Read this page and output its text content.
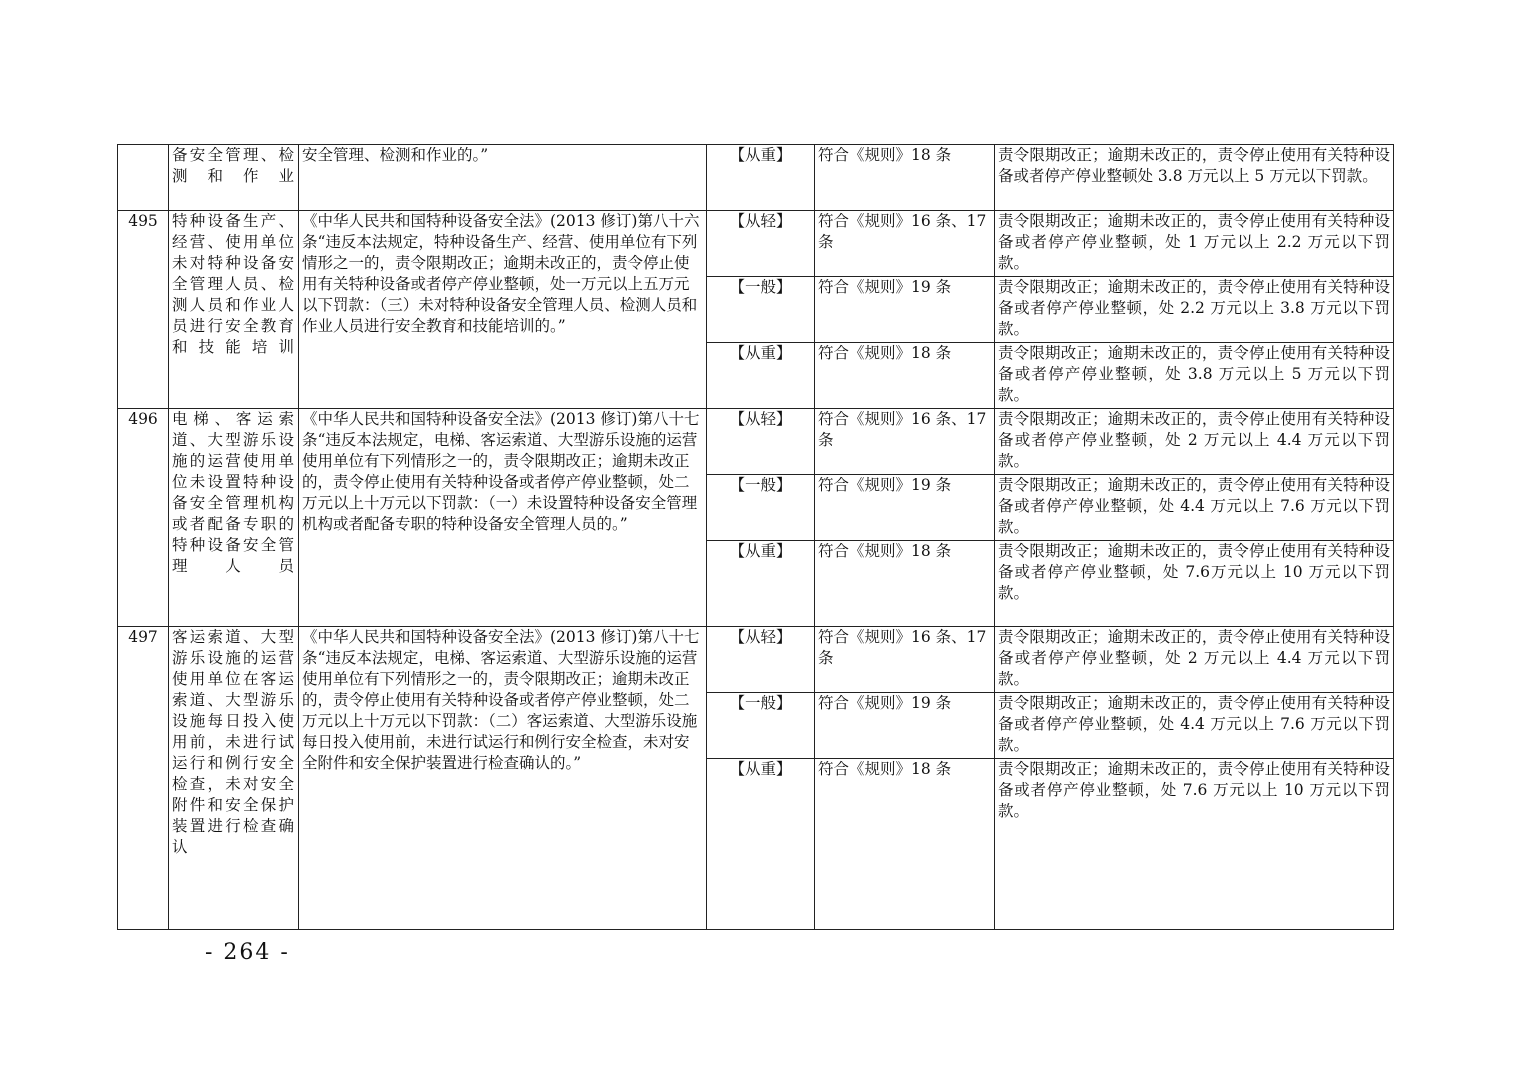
	备安全管理、检测和作业	安全管理、检测和作业的。”	【从重】	符合《规则》18 条	责令限期改正；逾期未改正的，责令停止使用有关特种设备或者停产停业整顿处 3.8 万元以上 5 万元以下罚款。
495	特种设备生产、经营、使用单位未对特种设备安全管理人员、检测人员和作业人员进行安全教育和技能培训	《中华人民共和国特种设备安全法》(2013 修订)第八十六条“违反本法规定，特种设备生产、经营、使用单位有下列情形之一的，责令限期改正；逾期未改正的，责令停止使用有关特种设备或者停产停业整顿，处一万元以上五万元以下罚款：（三）未对特种设备安全管理人员、检测人员和作业人员进行安全教育和技能培训的。”	【从轻】	符合《规则》16 条、17 条	责令限期改正；逾期未改正的，责令停止使用有关特种设备或者停产停业整顿，处 1 万元以上 2.2 万元以下罚款。
			【一般】	符合《规则》19 条	责令限期改正；逾期未改正的，责令停止使用有关特种设备或者停产停业整顿，处 2.2 万元以上 3.8 万元以下罚款。
			【从重】	符合《规则》18 条	责令限期改正；逾期未改正的，责令停止使用有关特种设备或者停产停业整顿，处 3.8 万元以上 5 万元以下罚款。
496	电梯、客运索道、大型游乐设施的运营使用单位未设置特种设备安全管理机构或者配备专职的特种设备安全管理人员	《中华人民共和国特种设备安全法》(2013 修订)第八十七条“违反本法规定，电梯、客运索道、大型游乐设施的运营使用单位有下列情形之一的，责令限期改正；逾期未改正的，责令停止使用有关特种设备或者停产停业整顿，处二万元以上十万元以下罚款：（一）未设置特种设备安全管理机构或者配备专职的特种设备安全管理人员的。”	【从轻】	符合《规则》16 条、17 条	责令限期改正；逾期未改正的，责令停止使用有关特种设备或者停产停业整顿，处 2 万元以上 4.4 万元以下罚款。
			【一般】	符合《规则》19 条	责令限期改正；逾期未改正的，责令停止使用有关特种设备或者停产停业整顿，处 4.4 万元以上 7.6 万元以下罚款。
			【从重】	符合《规则》18 条	责令限期改正；逾期未改正的，责令停止使用有关特种设备或者停产停业整顿，处 7.6万元以上 10 万元以下罚款。
497	客运索道、大型游乐设施的运营使用单位在客运索道、大型游乐设施每日投入使用前，未进行试运行和例行安全检查，未对安全附件和安全保护装置进行检查确认	《中华人民共和国特种设备安全法》(2013 修订)第八十七条“违反本法规定，电梯、客运索道、大型游乐设施的运营使用单位有下列情形之一的，责令限期改正；逾期未改正的，责令停止使用有关特种设备或者停产停业整顿，处二万元以上十万元以下罚款：（二）客运索道、大型游乐设施每日投入使用前，未进行试运行和例行安全检查，未对安全附件和安全保护装置进行检查确认的。”	【从轻】	符合《规则》16 条、17 条	责令限期改正；逾期未改正的，责令停止使用有关特种设备或者停产停业整顿，处 2 万元以上 4.4 万元以下罚款。
			【一般】	符合《规则》19 条	责令限期改正；逾期未改正的，责令停止使用有关特种设备或者停产停业整顿，处 4.4 万元以上 7.6 万元以下罚款。
			【从重】	符合《规则》18 条	责令限期改正；逾期未改正的，责令停止使用有关特种设备或者停产停业整顿，处 7.6 万元以上 10 万元以下罚款。
- 264 -
